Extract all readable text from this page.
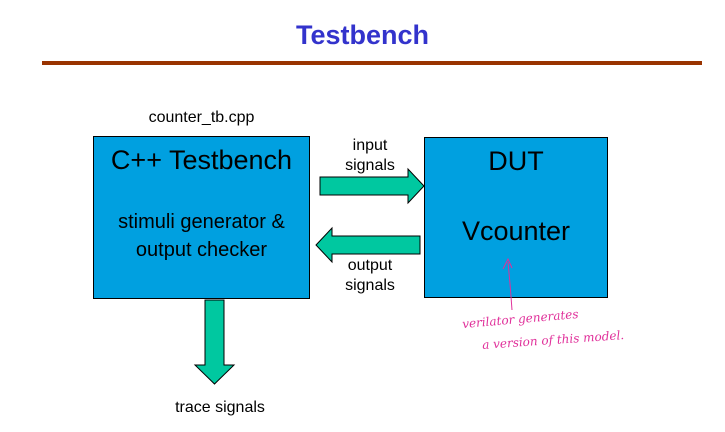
Testbench
counter_tb.cpp
C++ Testbench
stimuli generator &
output checker
DUT
Vcounter
input
signals
output
signals
trace signals
verilator generates
a version of this model.
